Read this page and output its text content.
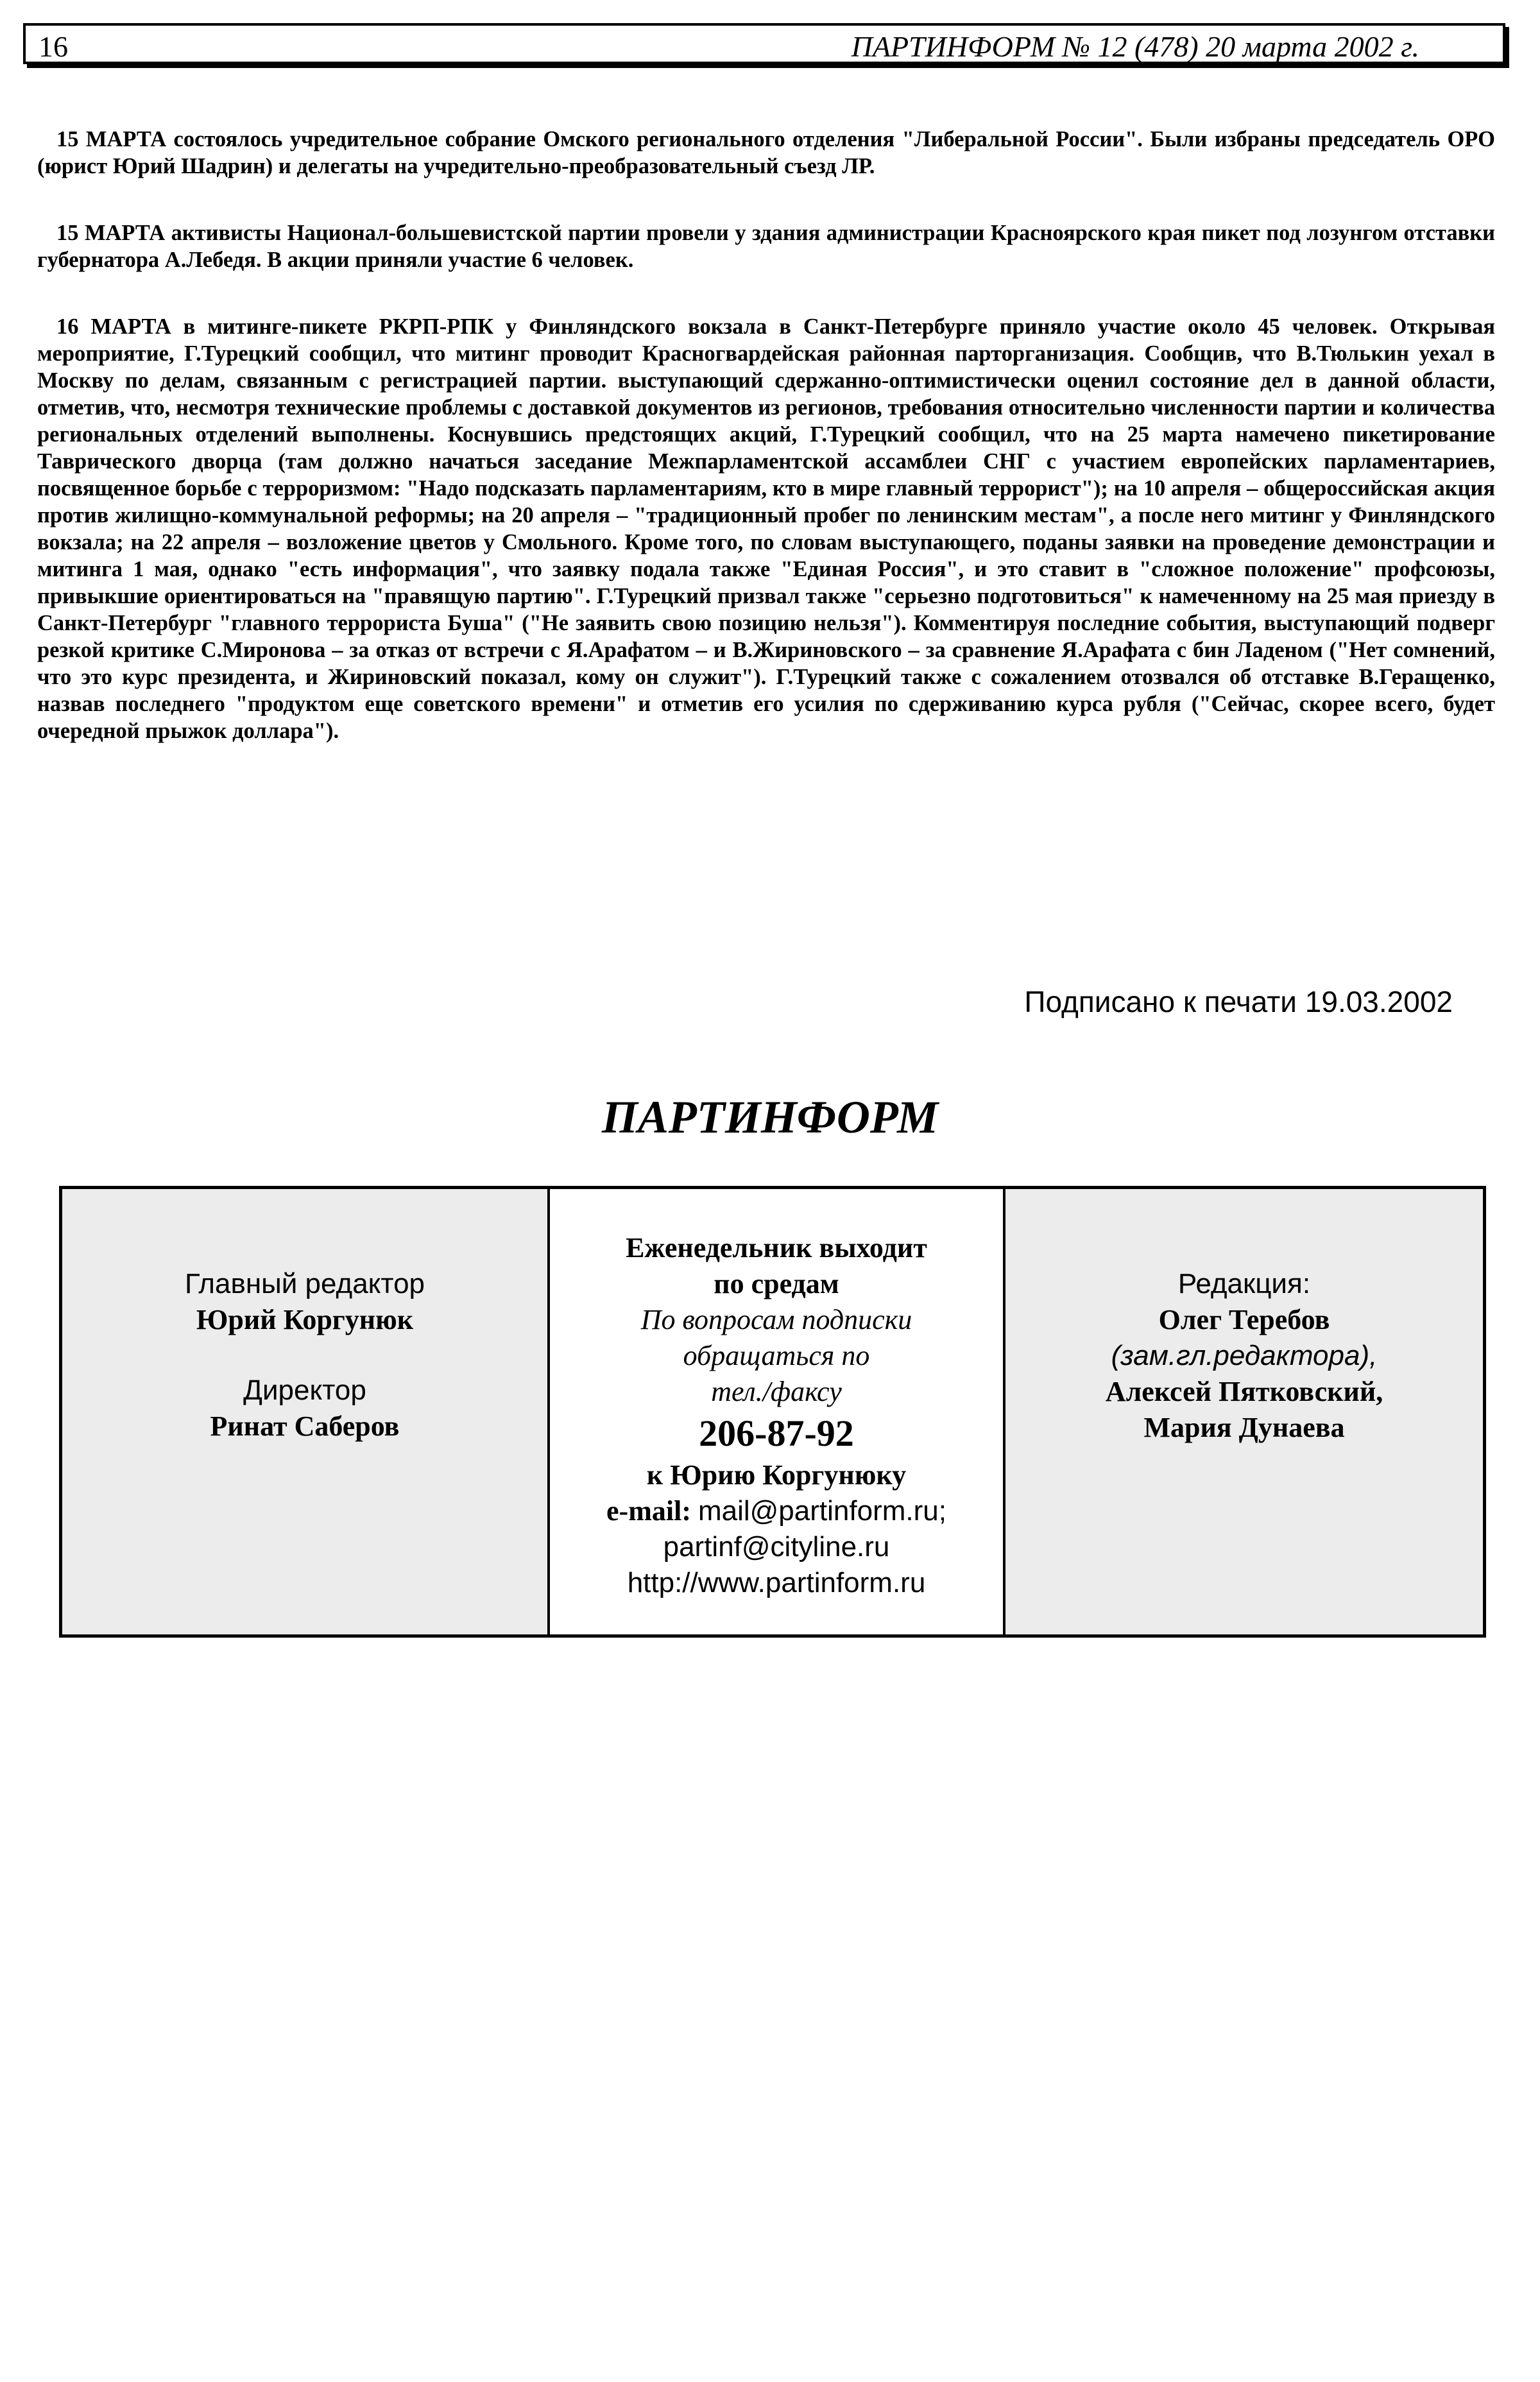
16	ПАРТИНФОРМ № 12 (478) 20 марта 2002 г.

15 МАРТА состоялось учредительное собрание Омского регионального отделения "Либеральной России". Были избраны председатель ОРО (юрист Юрий Шадрин) и делегаты на учредительно-преобразовательный съезд ЛР.

15 МАРТА активисты Национал-большевистской партии провели у здания администрации Красноярского края пикет под лозунгом отставки губернатора А.Лебедя. В акции приняли участие 6 человек.

16 МАРТА в митинге-пикете РКРП-РПК у Финляндского вокзала в Санкт-Петербурге приняло участие около 45 человек. Открывая мероприятие, Г.Турецкий сообщил, что митинг проводит Красногвардейская районная парторганизация. Сообщив, что В.Тюлькин уехал в Москву по делам, связанным с регистрацией партии. выступающий сдержанно-оптимистически оценил состояние дел в данной области, отметив, что, несмотря технические проблемы с доставкой документов из регионов, требования относительно численности партии и количества региональных отделений выполнены. Коснувшись предстоящих акций, Г.Турецкий сообщил, что на 25 марта намечено пикетирование Таврического дворца (там должно начаться заседание Межпарламентской ассамблеи СНГ с участием европейских парламентариев, посвященное борьбе с терроризмом: "Надо подсказать парламентариям, кто в мире главный террорист"); на 10 апреля – общероссийская акция против жилищно-коммунальной реформы; на 20 апреля – "традиционный пробег по ленинским местам", а после него митинг у Финляндского вокзала; на 22 апреля – возложение цветов у Смольного. Кроме того, по словам выступающего, поданы заявки на проведение демонстрации и митинга 1 мая, однако "есть информация", что заявку подала также "Единая Россия", и это ставит в "сложное положение" профсоюзы, привыкшие ориентироваться на "правящую партию". Г.Турецкий призвал также "серьезно подготовиться" к намеченному на 25 мая приезду в Санкт-Петербург "главного террориста Буша" ("Не заявить свою позицию нельзя"). Комментируя последние события, выступающий подверг резкой критике С.Миронова – за отказ от встречи с Я.Арафатом – и В.Жириновского – за сравнение Я.Арафата с бин Ладеном ("Нет сомнений, что это курс президента, и Жириновский показал, кому он служит"). Г.Турецкий также с сожалением отозвался об отставке В.Геращенко, назвав последнего "продуктом еще советского времени" и отметив его усилия по сдерживанию курса рубля ("Сейчас, скорее всего, будет очередной прыжок доллара").

Подписано к печати 19.03.2002
ПАРТИНФОРМ
Главный редактор
Юрий Коргунюк
Директор
Ринат Саберов
Еженедельник выходит
по средам
По вопросам подписки
обращаться по
тел./факсу
206-87-92
к Юрию Коргунюку
e-mail: mail@partinform.ru;
partinf@cityline.ru
http://www.partinform.ru
Редакция:
Олег Теребов
(зам.гл.редактора),
Алексей Пятковский,
Мария Дунаева
